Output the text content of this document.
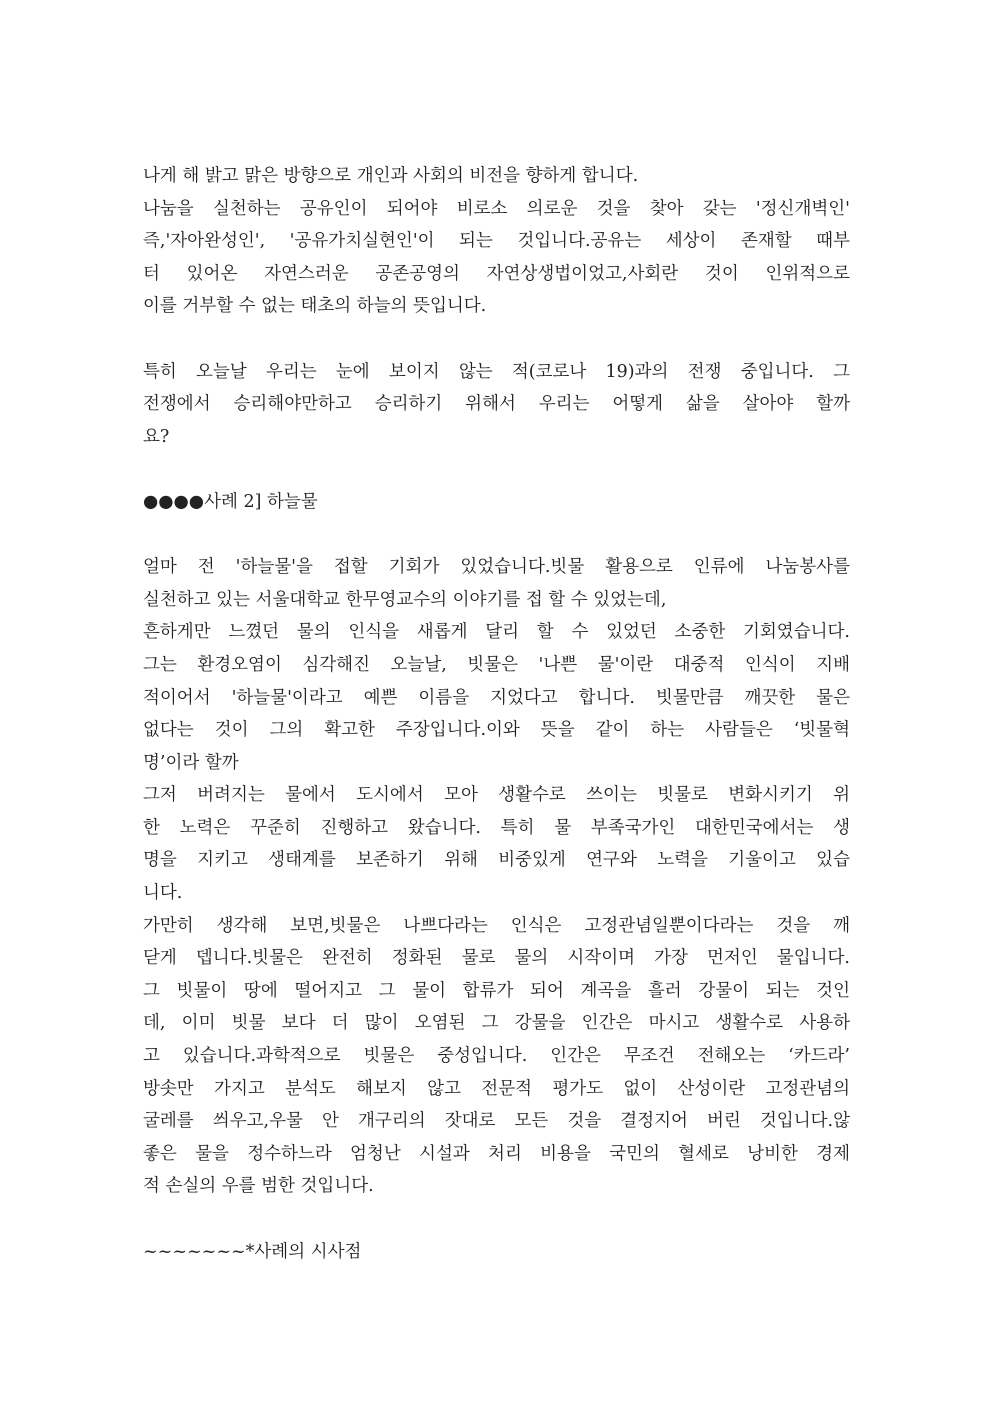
나게 해 밝고 맑은 방향으로 개인과 사회의 비전을 향하게 합니다.
나눔을 실천하는 공유인이 되어야 비로소 의로운 것을 찾아 갖는 '정신개벽인'
즉,'자아완성인', '공유가치실현인'이 되는 것입니다.공유는 세상이 존재할 때부
터 있어온 자연스러운 공존공영의 자연상생법이었고,사회란 것이 인위적으로
이를 거부할 수 없는 태초의 하늘의 뜻입니다.
특히 오늘날 우리는 눈에 보이지 않는 적(코로나 19)과의 전쟁 중입니다. 그
전쟁에서 승리해야만하고 승리하기 위해서 우리는 어떻게 삶을 살아야 할까
요?
●●●●사례 2] 하늘물
얼마 전 '하늘물'을 접할 기회가 있었습니다.빗물 활용으로 인류에 나눔봉사를
실천하고 있는 서울대학교 한무영교수의 이야기를 접 할 수 있었는데,
흔하게만 느꼈던 물의 인식을 새롭게 달리 할 수 있었던 소중한 기회였습니다.
그는 환경오염이 심각해진 오늘날, 빗물은 '나쁜 물'이란 대중적 인식이 지배
적이어서 '하늘물'이라고 예쁜 이름을 지었다고 합니다. 빗물만큼 깨끗한 물은
없다는 것이 그의 확고한 주장입니다.이와 뜻을 같이 하는 사람들은 ‘빗물혁
명’이라 할까
그저 버려지는 물에서 도시에서 모아 생활수로 쓰이는 빗물로 변화시키기 위
한 노력은 꾸준히 진행하고 왔습니다. 특히 물 부족국가인 대한민국에서는 생
명을 지키고 생태계를 보존하기 위해 비중있게 연구와 노력을 기울이고 있습
니다.
가만히 생각해 보면,빗물은 나쁘다라는 인식은 고정관념일뿐이다라는 것을 깨
닫게 뎁니다.빗물은 완전히 정화된 물로 물의 시작이며 가장 먼저인 물입니다.
그 빗물이 땅에 떨어지고 그 물이 합류가 되어 계곡을 흘러 강물이 되는 것인
데, 이미 빗물 보다 더 많이 오염된 그 강물을 인간은 마시고 생활수로 사용하
고 있습니다.과학적으로 빗물은 중성입니다. 인간은 무조건 전해오는 ‘카드라’
방솟만 가지고 분석도 해보지 않고 전문적 평가도 없이 산성이란 고정관념의
굴레를 씌우고,우물 안 개구리의 잣대로 모든 것을 결정지어 버린 것입니다.않
좋은 물을 정수하느라 엄청난 시설과 처리 비용을 국민의 혈세로 낭비한 경제
적 손실의 우를 범한 것입니다.
~~~~~~~*사례의 시사점
